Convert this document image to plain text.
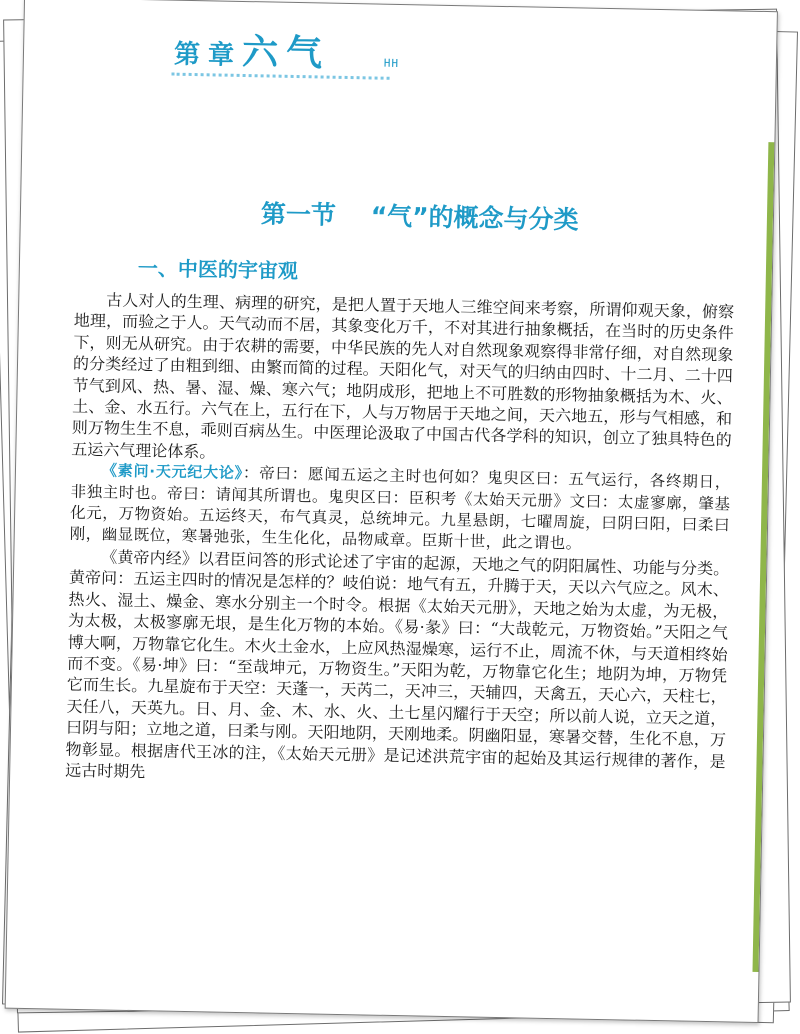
第章六气	HH
第一节    “气”的概念与分类
一、中医的宇宙观

古人对人的生理、病理的研究，是把人置于天地人三维空间来考察，所谓仰观天象，俯察地理，而验之于人。天气动而不居，其象变化万千，不对其进行抽象概括，在当时的历史条件下，则无从研究。由于农耕的需要，中华民族的先人对自然现象观察得非常仔细，对自然现象的分类经过了由粗到细、由繁而简的过程。天阳化气，对天气的归纳由四时、十二月、二十四节气到风、热、暑、湿、燥、寒六气；地阴成形，把地上不可胜数的形物抽象概括为木、火、土、金、水五行。六气在上，五行在下，人与万物居于天地之间，天六地五，形与气相感，和则万物生生不息，乖则百病丛生。中医理论汲取了中国古代各学科的知识，创立了独具特色的五运六气理论体系。

《素问·天元纪大论》：帝曰：愿闻五运之主时也何如？鬼臾区曰：五气运行，各终期日，非独主时也。帝曰：请闻其所谓也。鬼臾区曰：臣积考《太始天元册》文曰：太虚寥廓，肇基化元，万物资始。五运终天，布气真灵，总统坤元。九星悬朗，七曜周旋，曰阴曰阳，曰柔曰刚，幽显既位，寒暑弛张，生生化化，品物咸章。臣斯十世，此之谓也。

《黄帝内经》以君臣问答的形式论述了宇宙的起源，天地之气的阴阳属性、功能与分类。黄帝问：五运主四时的情况是怎样的？岐伯说：地气有五，升腾于天，天以六气应之。风木、热火、湿土、燥金、寒水分别主一个时令。根据《太始天元册》，天地之始为太虚，为无极，为太极，太极寥廓无垠，是生化万物的本始。《易·彖》曰：“大哉乾元，万物资始。”天阳之气博大啊，万物靠它化生。木火土金水，上应风热湿燥寒，运行不止，周流不休，与天道相终始而不变。《易·坤》曰：“至哉坤元，万物资生。”天阳为乾，万物靠它化生；地阴为坤，万物凭它而生长。九星旋布于天空：天蓬一，天芮二，天冲三，天辅四，天禽五，天心六，天柱七，天任八，天英九。日、月、金、木、水、火、土七星闪耀行于天空；所以前人说，立天之道，曰阴与阳；立地之道，曰柔与刚。天阳地阴，天刚地柔。阴幽阳显，寒暑交替，生化不息，万物彰显。根据唐代王冰的注，《太始天元册》是记述洪荒宇宙的起始及其运行规律的著作，是远古时期先
